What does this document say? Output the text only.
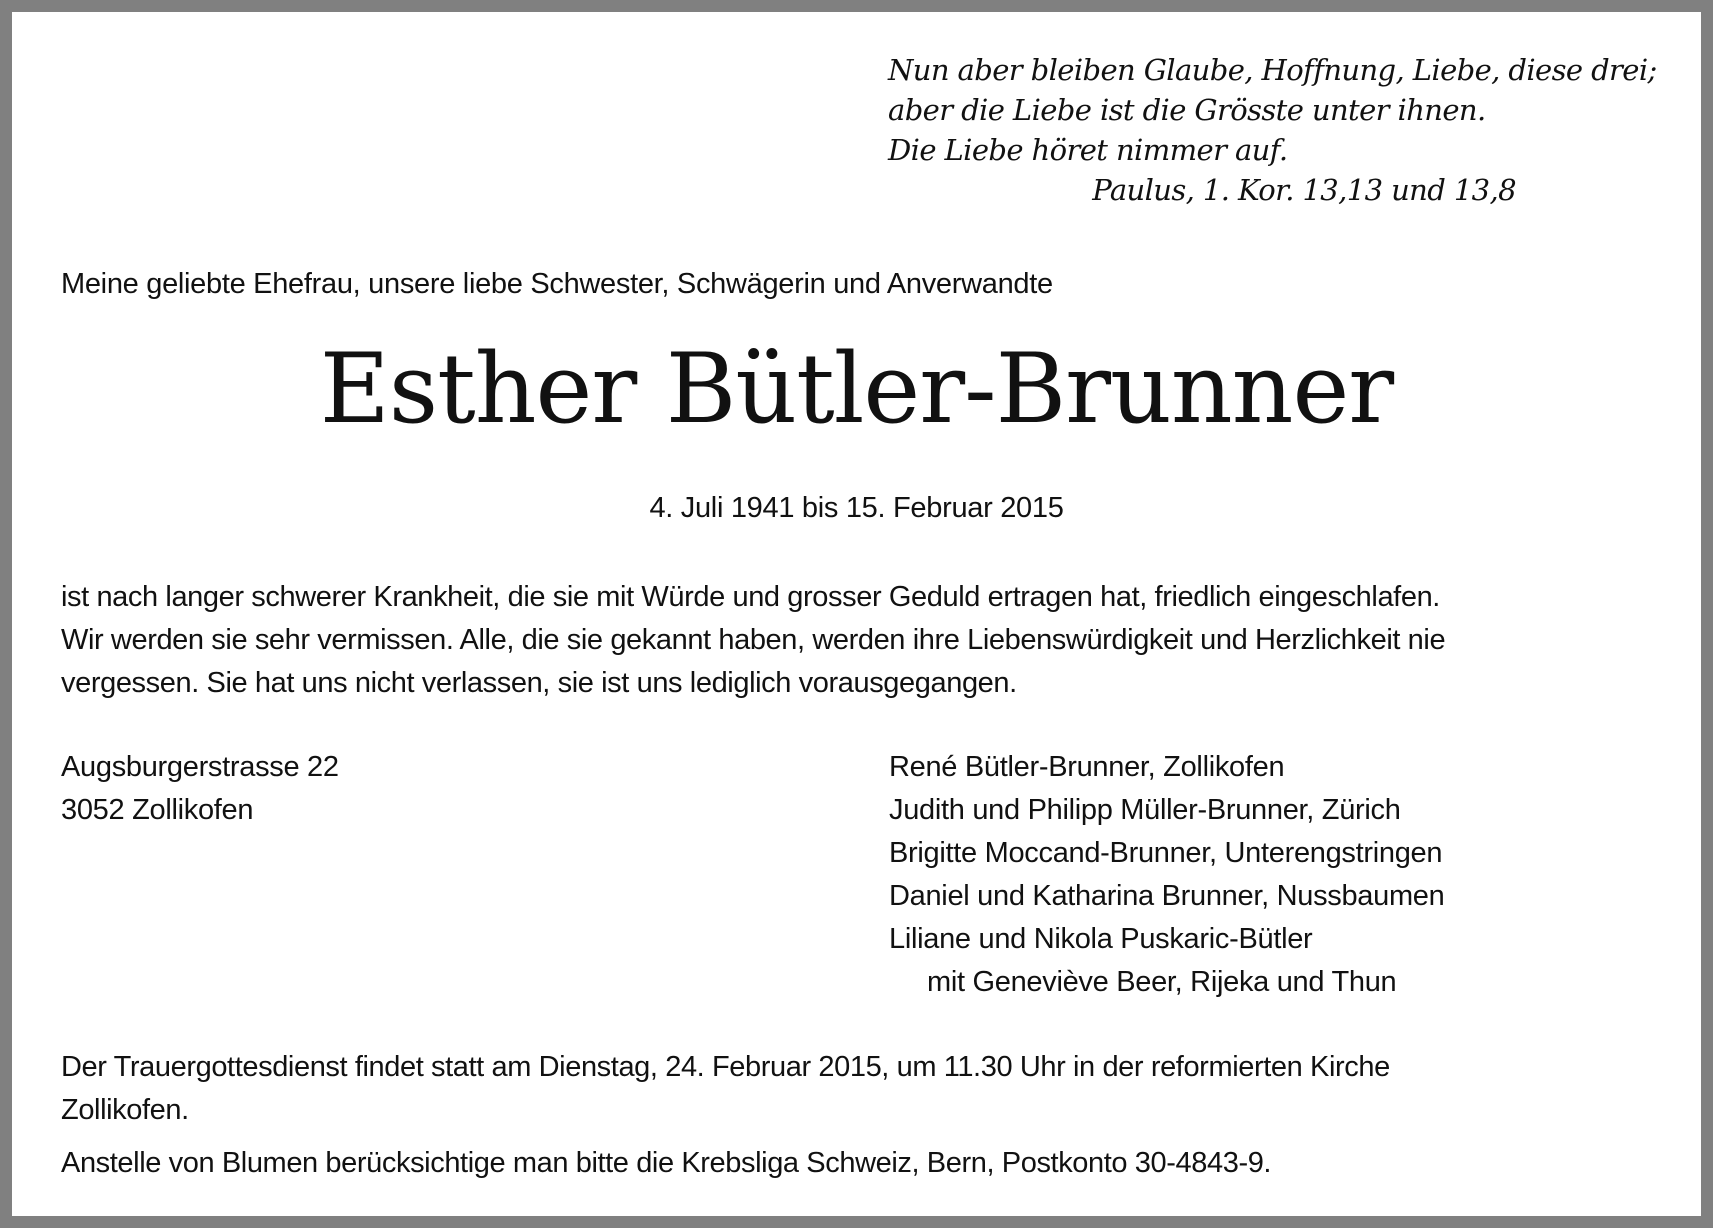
Nun aber bleiben Glaube, Hoffnung, Liebe, diese drei;
aber die Liebe ist die Grösste unter ihnen.
Die Liebe höret nimmer auf.
Paulus, 1. Kor. 13,13 und 13,8
Meine geliebte Ehefrau, unsere liebe Schwester, Schwägerin und Anverwandte
Esther Bütler-Brunner
4. Juli 1941 bis 15. Februar 2015
ist nach langer schwerer Krankheit, die sie mit Würde und grosser Geduld ertragen hat, friedlich eingeschlafen.
Wir werden sie sehr vermissen. Alle, die sie gekannt haben, werden ihre Liebenswürdigkeit und Herzlichkeit nie
vergessen. Sie hat uns nicht verlassen, sie ist uns lediglich vorausgegangen.
Augsburgerstrasse 22
3052 Zollikofen
René Bütler-Brunner, Zollikofen
Judith und Philipp Müller-Brunner, Zürich
Brigitte Moccand-Brunner, Unterengstringen
Daniel und Katharina Brunner, Nussbaumen
Liliane und Nikola Puskaric-Bütler
mit Geneviève Beer, Rijeka und Thun
Der Trauergottesdienst findet statt am Dienstag, 24. Februar 2015, um 11.30 Uhr in der reformierten Kirche
Zollikofen.
Anstelle von Blumen berücksichtige man bitte die Krebsliga Schweiz, Bern, Postkonto 30-4843-9.
